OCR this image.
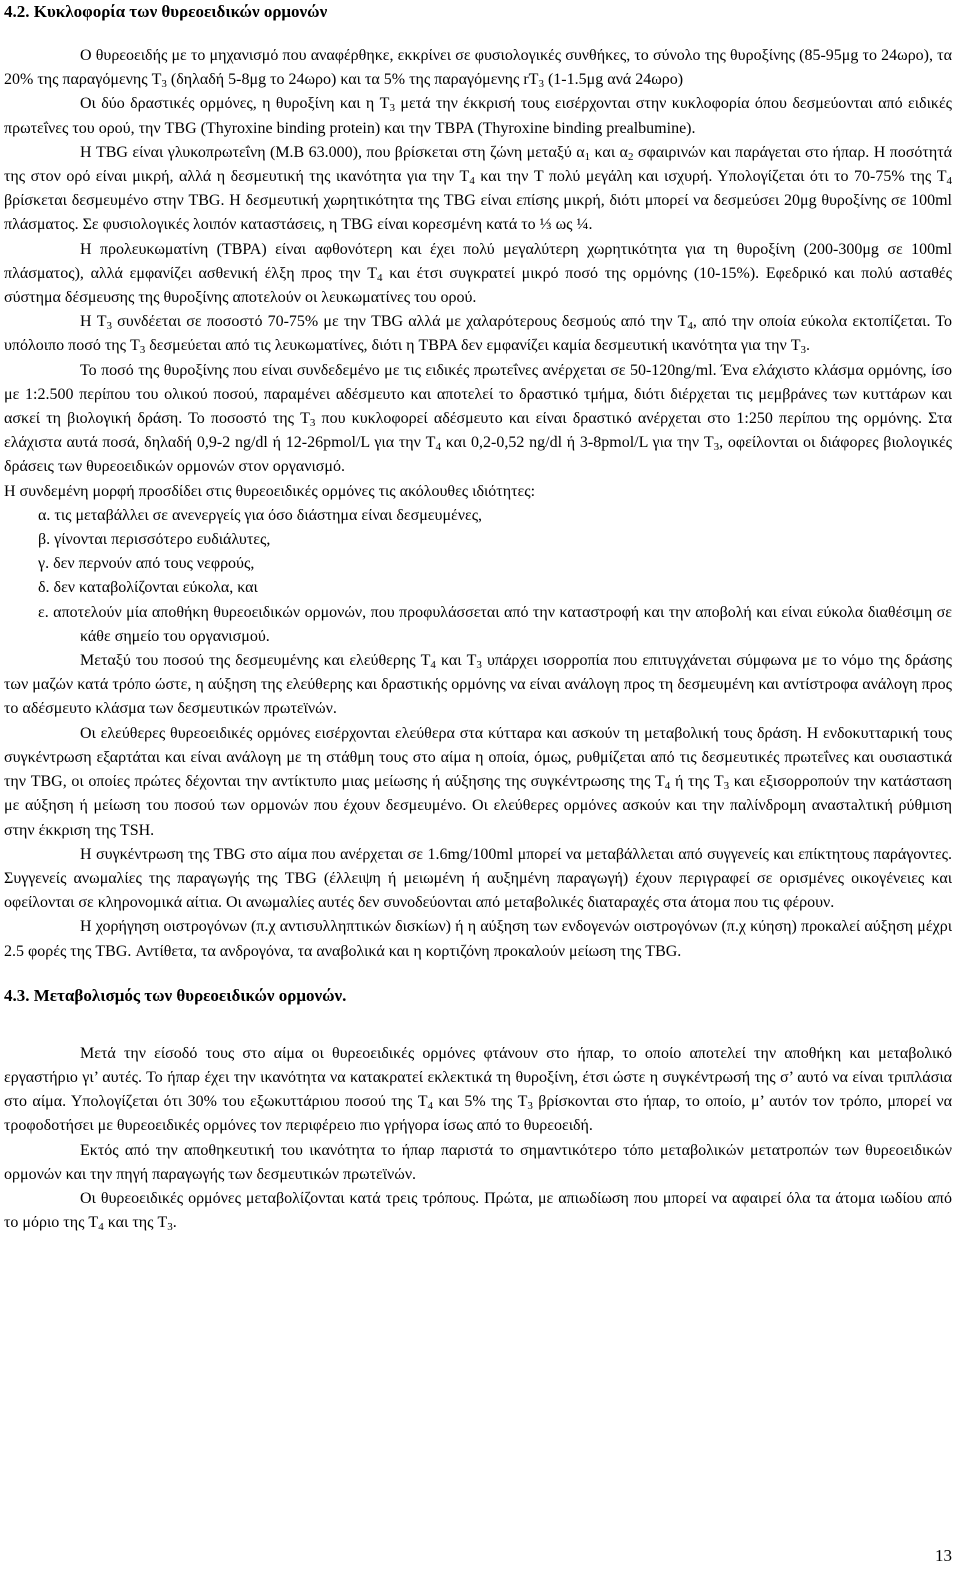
4.2. Κυκλοφορία των θυρεοειδικών ορμονών

Ο θυρεοειδής με το μηχανισμό που αναφέρθηκε, εκκρίνει σε φυσιολογικές συνθήκες, το σύνολο της θυροξίνης (85-95μg το 24ωρο), τα 20% της παραγόμενης $T_3$ (δηλαδή 5-8μg το 24ωρο) και τα 5% της παραγόμενης $rT_3$ (1-1.5μg ανά 24ωρο)

Οι δύο δραστικές ορμόνες, η θυροξίνη και η $T_3$ μετά την έκκρισή τους εισέρχονται στην κυκλοφορία όπου δεσμεύονται από ειδικές πρωτεΐνες του ορού, την TBG (Thyroxine binding protein) και την TBPA (Thyroxine binding prealbumine).

Η TBG είναι γλυκοπρωτεΐνη (Μ.Β 63.000), που βρίσκεται στη ζώνη μεταξύ $\alpha_1$ και $\alpha_2$ σφαιρινών και παράγεται στο ήπαρ. Η ποσότητά της στον ορό είναι μικρή, αλλά η δεσμευτική της ικανότητα για την $T_4$ και την T πολύ μεγάλη και ισχυρή. Υπολογίζεται ότι το 70-75% της $T_4$ βρίσκεται δεσμευμένο στην TBG. Η δεσμευτική χωρητικότητα της TBG είναι επίσης μικρή, διότι μπορεί να δεσμεύσει 20μg θυροξίνης σε 100ml πλάσματος. Σε φυσιολογικές λοιπόν καταστάσεις, η TBG είναι κορεσμένη κατά το ⅓ ως ¼.

Η προλευκωματίνη (TBPA) είναι αφθονότερη και έχει πολύ μεγαλύτερη χωρητικότητα για τη θυροξίνη (200-300μg σε 100ml πλάσματος), αλλά εμφανίζει ασθενική έλξη προς την $T_4$ και έτσι συγκρατεί μικρό ποσό της ορμόνης (10-15%). Εφεδρικό και πολύ ασταθές σύστημα δέσμευσης της θυροξίνης αποτελούν οι λευκωματίνες του ορού.

Η $T_3$ συνδέεται σε ποσοστό 70-75% με την TBG αλλά με χαλαρότερους δεσμούς από την $T_4$, από την οποία εύκολα εκτοπίζεται. Το υπόλοιπο ποσό της $T_3$ δεσμεύεται από τις λευκωματίνες, διότι η TBPA δεν εμφανίζει καμία δεσμευτική ικανότητα για την $T_3$.

Το ποσό της θυροξίνης που είναι συνδεδεμένο με τις ειδικές πρωτεΐνες ανέρχεται σε 50-120ng/ml. Ένα ελάχιστο κλάσμα ορμόνης, ίσο με 1:2.500 περίπου του ολικού ποσού, παραμένει αδέσμευτο και αποτελεί το δραστικό τμήμα, διότι διέρχεται τις μεμβράνες των κυττάρων και ασκεί τη βιολογική δράση. Το ποσοστό της $T_3$ που κυκλοφορεί αδέσμευτο και είναι δραστικό ανέρχεται στο 1:250 περίπου της ορμόνης. Στα ελάχιστα αυτά ποσά, δηλαδή 0,9-2 ng/dl ή 12-26pmol/L για την $T_4$ και 0,2-0,52 ng/dl ή 3-8pmol/L για την $T_3$, οφείλονται οι διάφορες βιολογικές δράσεις των θυρεοειδικών ορμονών στον οργανισμό.

Η συνδεμένη μορφή προσδίδει στις θυρεοειδικές ορμόνες τις ακόλουθες ιδιότητες:

α. τις μεταβάλλει σε ανενεργείς για όσο διάστημα είναι δεσμευμένες,
β. γίνονται περισσότερο ευδιάλυτες,
γ. δεν περνούν από τους νεφρούς,
δ. δεν καταβολίζονται εύκολα, και
ε. αποτελούν μία αποθήκη θυρεοειδικών ορμονών, που προφυλάσσεται από την καταστροφή και την αποβολή και είναι εύκολα διαθέσιμη σε κάθε σημείο του οργανισμού.

Μεταξύ του ποσού της δεσμευμένης και ελεύθερης $T_4$ και $T_3$ υπάρχει ισορροπία που επιτυγχάνεται σύμφωνα με το νόμο της δράσης των μαζών κατά τρόπο ώστε, η αύξηση της ελεύθερης και δραστικής ορμόνης να είναι ανάλογη προς τη δεσμευμένη και αντίστροφα ανάλογη προς το αδέσμευτο κλάσμα των δεσμευτικών πρωτεϊνών.

Οι ελεύθερες θυρεοειδικές ορμόνες εισέρχονται ελεύθερα στα κύτταρα και ασκούν τη μεταβολική τους δράση. Η ενδοκυτταρική τους συγκέντρωση εξαρτάται και είναι ανάλογη με τη στάθμη τους στο αίμα η οποία, όμως, ρυθμίζεται από τις δεσμευτικές πρωτεΐνες και ουσιαστικά την TBG, οι οποίες πρώτες δέχονται την αντίκτυπο μιας μείωσης ή αύξησης της συγκέντρωσης της $T_4$ ή της $T_3$ και εξισορροπούν την κατάσταση με αύξηση ή μείωση του ποσού των ορμονών που έχουν δεσμευμένο. Οι ελεύθερες ορμόνες ασκούν και την παλίνδρομη αναστaλτική ρύθμιση στην έκκριση της TSH.

Η συγκέντρωση της TBG στο αίμα που ανέρχεται σε 1.6mg/100ml μπορεί να μεταβάλλεται από συγγενείς και επίκτητους παράγοντες. Συγγενείς ανωμαλίες της παραγωγής της TBG (έλλειψη ή μειωμένη ή αυξημένη παραγωγή) έχουν περιγραφεί σε ορισμένες οικογένειες και οφείλονται σε κληρονομικά αίτια. Οι ανωμαλίες αυτές δεν συνοδεύονται από μεταβολικές διαταραχές στα άτομα που τις φέρουν.

Η χορήγηση οιστρογόνων (π.χ αντισυλληπτικών δισκίων) ή η αύξηση των ενδογενών οιστρογόνων (π.χ κύηση) προκαλεί αύξηση μέχρι 2.5 φορές της TBG. Αντίθετα, τα ανδρογόνα, τα αναβολικά και η κορτιζόνη προκαλούν μείωση της TBG.

4.3. Μεταβολισμός των θυρεοειδικών ορμονών.

Μετά την είσοδό τους στο αίμα οι θυρεοειδικές ορμόνες φτάνουν στο ήπαρ, το οποίο αποτελεί την αποθήκη και μεταβολικό εργαστήριο γι’ αυτές. Το ήπαρ έχει την ικανότητα να κατακρατεί εκλεκτικά τη θυροξίνη, έτσι ώστε η συγκέντρωσή της σ’ αυτό να είναι τριπλάσια στο αίμα. Υπολογίζεται ότι 30% του εξωκυττάριου ποσού της $T_4$ και 5% της $T_3$ βρίσκονται στο ήπαρ, το οποίο, μ’ αυτόν τον τρόπο, μπορεί να τροφοδοτήσει με θυρεοειδικές ορμόνες τον περιφέρειο πιο γρήγορα ίσως από το θυρεοειδή.

Εκτός από την αποθηκευτική του ικανότητα το ήπαρ παριστά το σημαντικότερο τόπο μεταβολικών μετατροπών των θυρεοειδικών ορμονών και την πηγή παραγωγής των δεσμευτικών πρωτεϊνών.

Οι θυρεοειδικές ορμόνες μεταβολίζονται κατά τρεις τρόπους. Πρώτα, με απιωδίωση που μπορεί να αφαιρεί όλα τα άτομα ιωδίου από το μόριο της $T_4$ και της $T_3$.

13
